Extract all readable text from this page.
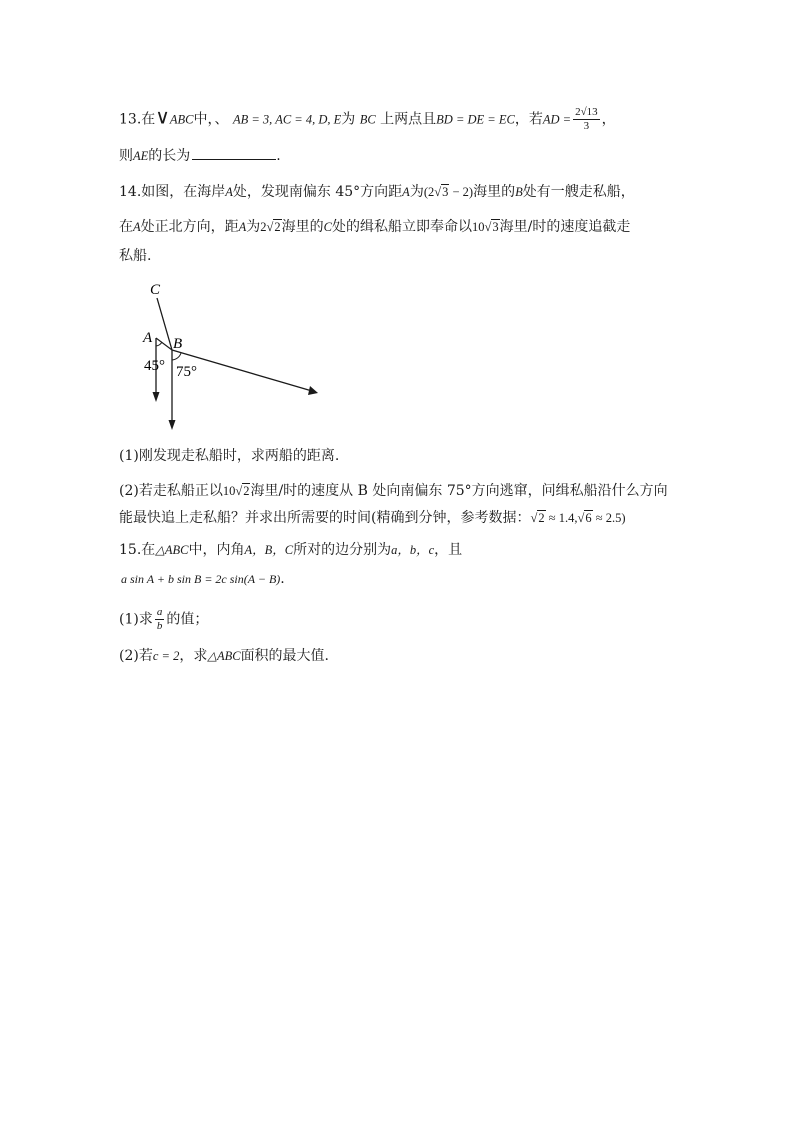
13.在∨ABC中，、 AB = 3, AC = 4, D, E为 BC 上两点且BD = DE = EC，若AD = $\frac{2√13}{3}$ ，
则AE的长为	.
14.如图，在海岸A处，发现南偏东 45°方向距A为(2√3 − 2)海里的B处有一艘走私船，
在A处正北方向，距A为2√2海里的C处的缉私船立即奉命以10√3海里/时的速度追截走
私船.
C
A B
45° 75°
(1)刚发现走私船时，求两船的距离.
(2)若走私船正以10√2海里/时的速度从 B 处向南偏东 75°方向逃窜，问缉私船沿什么方向
能最快追上走私船？并求出所需要的时间(精确到分钟，参考数据：√2 ≈ 1.4,√6 ≈ 2.5)
15.在△ABC中，内角A，B，C所对的边分别为a，b，c，且
a sin A + b sin B = 2c sin(A − B).
(1)求 $\frac{a}{b}$ 的值；
(2)若c = 2，求△ABC面积的最大值.
